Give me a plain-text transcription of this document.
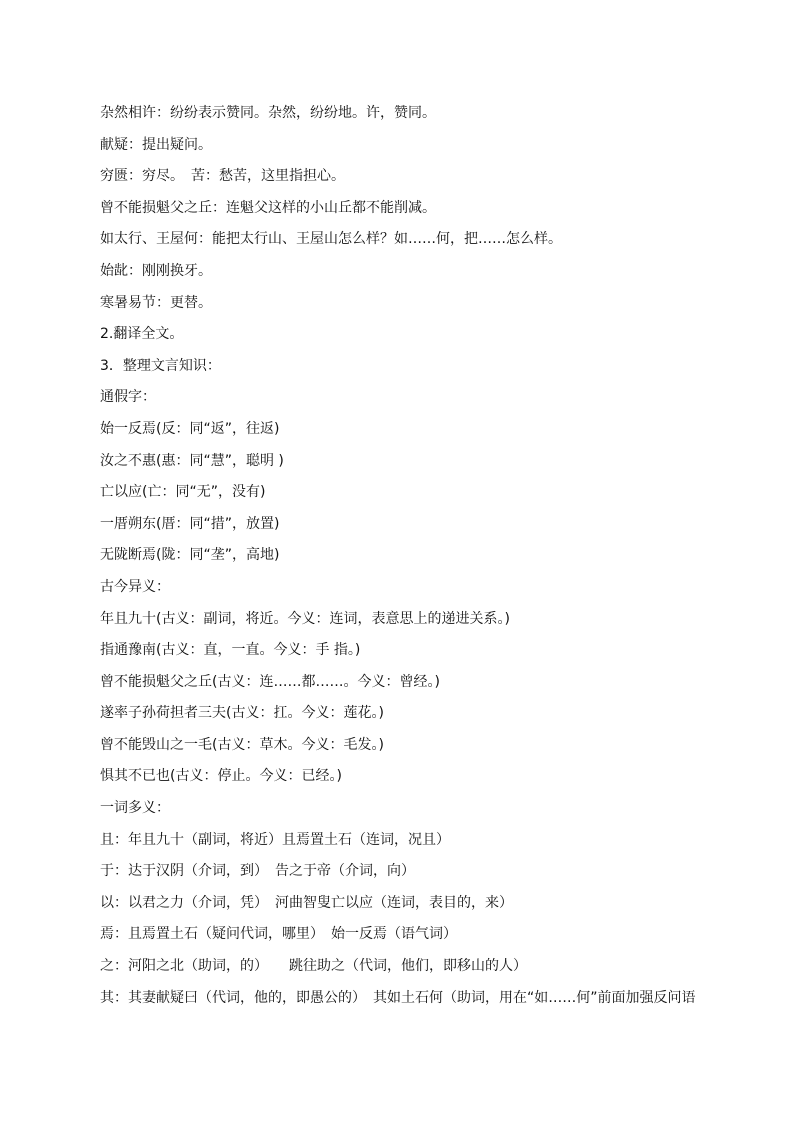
杂然相许：纷纷表示赞同。杂然，纷纷地。许，赞同。
献疑：提出疑问。
穷匮：穷尽。　苦：愁苦，这里指担心。
曾不能损魁父之丘：连魁父这样的小山丘都不能削减。
如太行、王屋何：能把太行山、王屋山怎么样？如……何，把……怎么样。
始龀：刚刚换牙。
寒暑易节：更替。
2.翻译全文。
3．整理文言知识：
通假字：
始一反焉(反：同“返”，往返)
汝之不惠(惠：同“慧”，聪明 )
亡以应(亡：同“无”，没有)
一厝朔东(厝：同“措”，放置)
无陇断焉(陇：同“垄”，高地)
古今异义：
年且九十(古义：副词，将近。今义：连词，表意思上的递进关系。)
指通豫南(古义：直，一直。今义：手 指。)
曾不能损魁父之丘(古义：连……都……。今义：曾经。)
遂率子孙荷担者三夫(古义：扛。今义：莲花。)
曾不能毁山之一毛(古义：草木。今义：毛发。)
惧其不已也(古义：停止。今义：已经。)
一词多义：
且：年且九十（副词，将近）且焉置土石（连词，况且）
于：达于汉阴（介词，到）　告之于帝（介词，向）
以：以君之力（介词，凭）　河曲智叟亡以应（连词，表目的，来）
焉：且焉置土石（疑问代词，哪里）　始一反焉（语气词）
之：河阳之北（助词，的）　　跳往助之（代词，他们，即移山的人）
其：其妻献疑曰（代词，他的，即愚公的）　其如土石何（助词，用在“如……何”前面加强反问语
